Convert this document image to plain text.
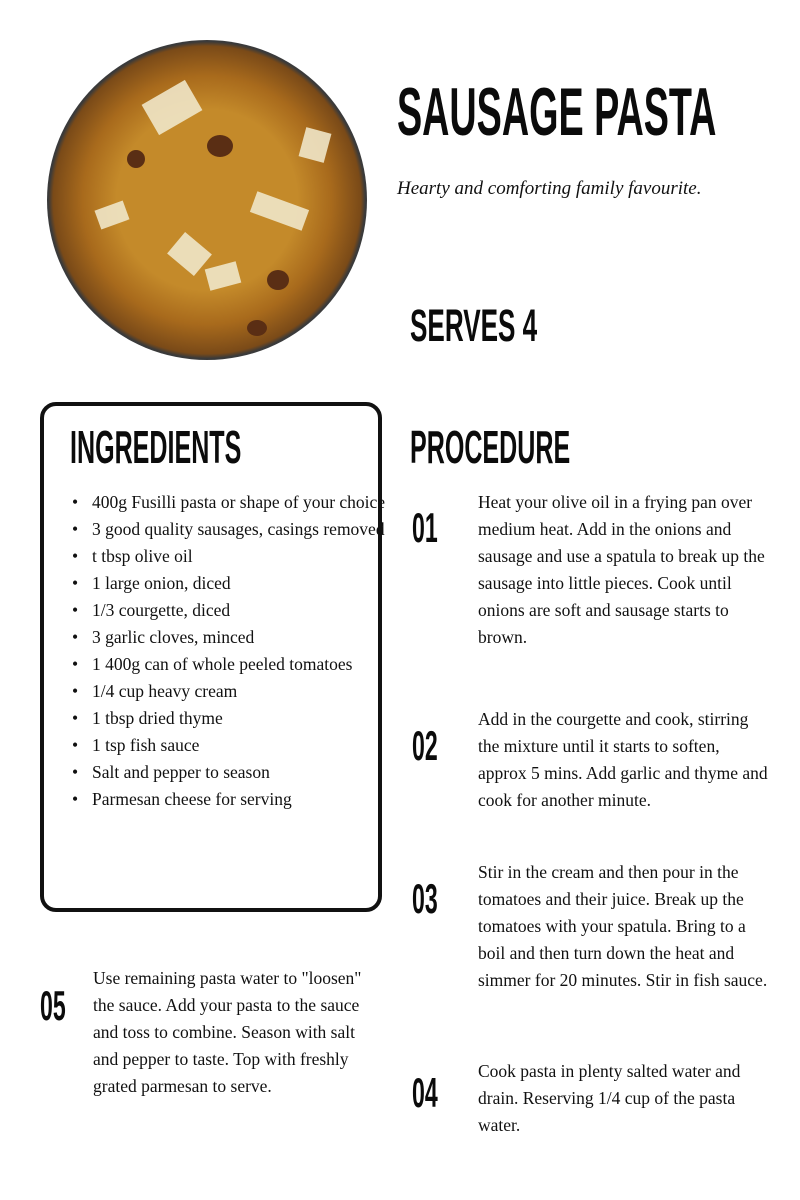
SAUSAGE PASTA
Hearty and comforting family favourite.
SERVES 4
INGREDIENTS
• 400g Fusilli pasta or shape of your choice
• 3 good quality sausages, casings removed
• t tbsp olive oil
• 1 large onion, diced
• 1/3 courgette, diced
• 3 garlic cloves, minced
• 1 400g can of whole peeled tomatoes
• 1/4 cup heavy cream
• 1 tbsp dried thyme
• 1 tsp fish sauce
• Salt and pepper to season
• Parmesan cheese for serving
PROCEDURE
01
Heat your olive oil in a frying pan over medium heat. Add in the onions and sausage and use a spatula to break up the sausage into little pieces. Cook until onions are soft and sausage starts to brown.
02
Add in the courgette and cook, stirring the mixture until it starts to soften, approx 5 mins. Add garlic and thyme and cook for another minute.
03
Stir in the cream and then pour in the tomatoes and their juice. Break up the tomatoes with your spatula. Bring to a boil and then turn down the heat and simmer for 20 minutes. Stir in fish sauce.
04 Cook pasta in plenty salted water and drain. Reserving 1/4 cup of the pasta water.
05
Use remaining pasta water to "loosen" the sauce. Add your pasta to the sauce and toss to combine. Season with salt and pepper to taste. Top with freshly grated parmesan to serve.
